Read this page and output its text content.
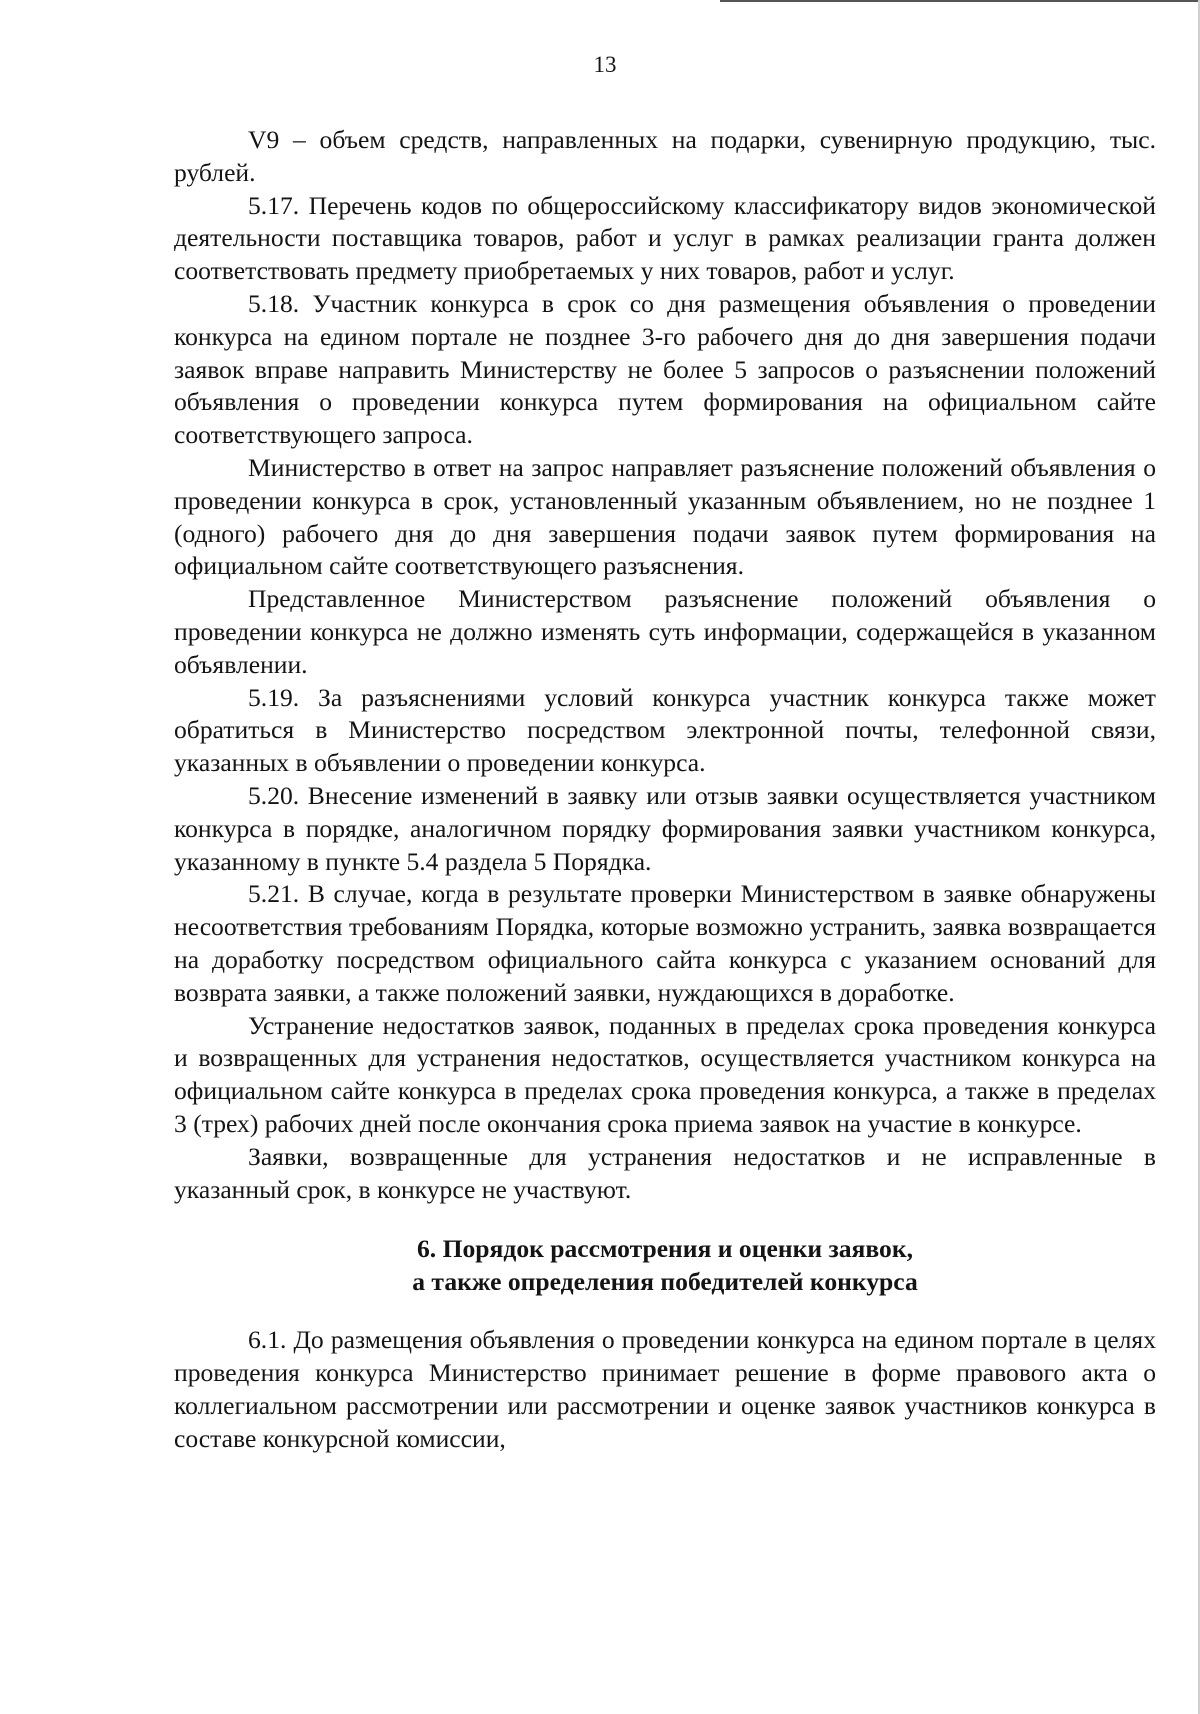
13

V9 – объем средств, направленных на подарки, сувенирную продукцию, тыс. рублей.

5.17. Перечень кодов по общероссийскому классификатору видов экономической деятельности поставщика товаров, работ и услуг в рамках реализации гранта должен соответствовать предмету приобретаемых у них товаров, работ и услуг.

5.18. Участник конкурса в срок со дня размещения объявления о проведении конкурса на едином портале не позднее 3-го рабочего дня до дня завершения подачи заявок вправе направить Министерству не более 5 запросов о разъяснении положений объявления о проведении конкурса путем формирования на официальном сайте соответствующего запроса.

Министерство в ответ на запрос направляет разъяснение положений объявления о проведении конкурса в срок, установленный указанным объявлением, но не позднее 1 (одного) рабочего дня до дня завершения подачи заявок путем формирования на официальном сайте соответствующего разъяснения.

Представленное Министерством разъяснение положений объявления о проведении конкурса не должно изменять суть информации, содержащейся в указанном объявлении.

5.19. За разъяснениями условий конкурса участник конкурса также может обратиться в Министерство посредством электронной почты, телефонной связи, указанных в объявлении о проведении конкурса.

5.20. Внесение изменений в заявку или отзыв заявки осуществляется участником конкурса в порядке, аналогичном порядку формирования заявки участником конкурса, указанному в пункте 5.4 раздела 5 Порядка.

5.21. В случае, когда в результате проверки Министерством в заявке обнаружены несоответствия требованиям Порядка, которые возможно устранить, заявка возвращается на доработку посредством официального сайта конкурса с указанием оснований для возврата заявки, а также положений заявки, нуждающихся в доработке.

Устранение недостатков заявок, поданных в пределах срока проведения конкурса и возвращенных для устранения недостатков, осуществляется участником конкурса на официальном сайте конкурса в пределах срока проведения конкурса, а также в пределах 3 (трех) рабочих дней после окончания срока приема заявок на участие в конкурсе.

Заявки, возвращенные для устранения недостатков и не исправленные в указанный срок, в конкурсе не участвуют.

6. Порядок рассмотрения и оценки заявок,
а также определения победителей конкурса

6.1. До размещения объявления о проведении конкурса на едином портале в целях проведения конкурса Министерство принимает решение в форме правового акта о коллегиальном рассмотрении или рассмотрении и оценке заявок участников конкурса в составе конкурсной комиссии,
